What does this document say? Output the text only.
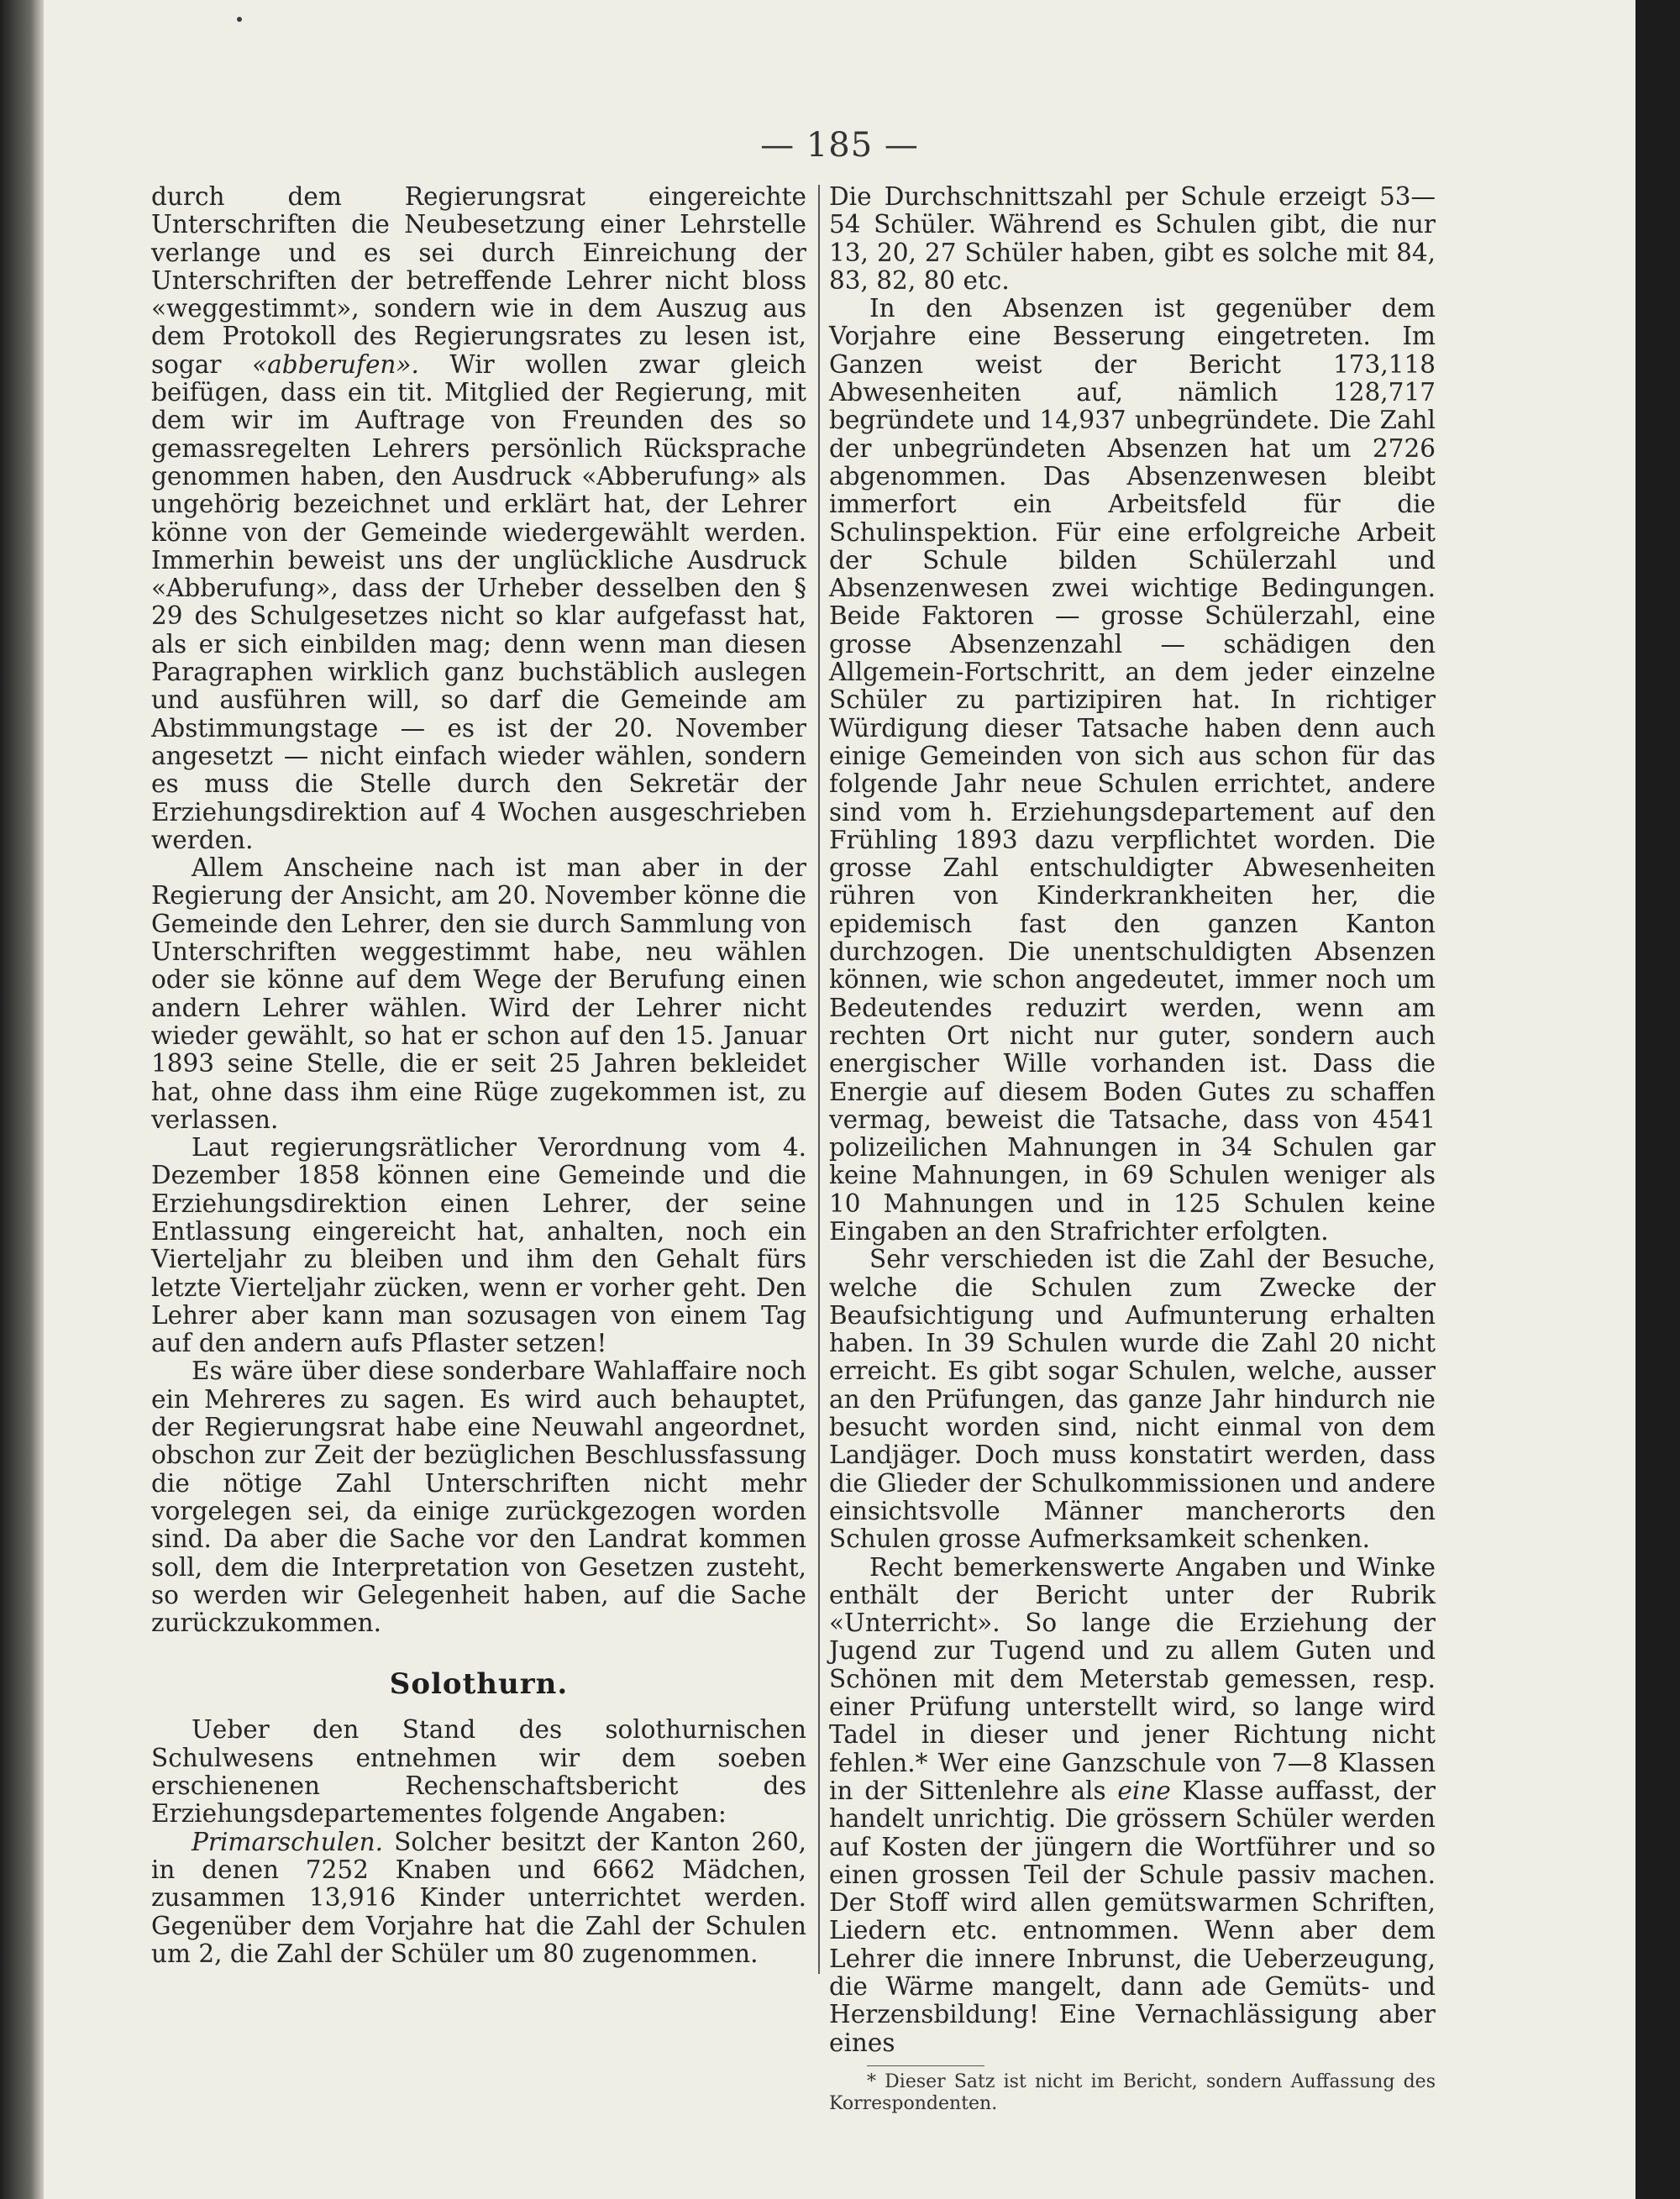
— 185 —

durch dem Regierungsrat eingereichte Unterschriften die Neubesetzung einer Lehrstelle verlange und es sei durch Einreichung der Unterschriften der betreffende Lehrer nicht bloss «weggestimmt», sondern wie in dem Auszug aus dem Protokoll des Regierungsrates zu lesen ist, sogar «abberufen». Wir wollen zwar gleich beifügen, dass ein tit. Mitglied der Regierung, mit dem wir im Auftrage von Freunden des so gemassregelten Lehrers persönlich Rücksprache genommen haben, den Ausdruck «Abberufung» als ungehörig bezeichnet und erklärt hat, der Lehrer könne von der Gemeinde wiedergewählt werden. Immerhin beweist uns der unglückliche Ausdruck «Abberufung», dass der Urheber desselben den § 29 des Schulgesetzes nicht so klar aufgefasst hat, als er sich einbilden mag; denn wenn man diesen Paragraphen wirklich ganz buchstäblich auslegen und ausführen will, so darf die Gemeinde am Abstimmungstage — es ist der 20. November angesetzt — nicht einfach wieder wählen, sondern es muss die Stelle durch den Sekretär der Erziehungsdirektion auf 4 Wochen ausgeschrieben werden.

Allem Anscheine nach ist man aber in der Regierung der Ansicht, am 20. November könne die Gemeinde den Lehrer, den sie durch Sammlung von Unterschriften weggestimmt habe, neu wählen oder sie könne auf dem Wege der Berufung einen andern Lehrer wählen. Wird der Lehrer nicht wieder gewählt, so hat er schon auf den 15. Januar 1893 seine Stelle, die er seit 25 Jahren bekleidet hat, ohne dass ihm eine Rüge zugekommen ist, zu verlassen.

Laut regierungsrätlicher Verordnung vom 4. Dezember 1858 können eine Gemeinde und die Erziehungsdirektion einen Lehrer, der seine Entlassung eingereicht hat, anhalten, noch ein Vierteljahr zu bleiben und ihm den Gehalt fürs letzte Vierteljahr zücken, wenn er vorher geht. Den Lehrer aber kann man sozusagen von einem Tag auf den andern aufs Pflaster setzen!

Es wäre über diese sonderbare Wahlaffaire noch ein Mehreres zu sagen. Es wird auch behauptet, der Regierungsrat habe eine Neuwahl angeordnet, obschon zur Zeit der bezüglichen Beschlussfassung die nötige Zahl Unterschriften nicht mehr vorgelegen sei, da einige zurückgezogen worden sind. Da aber die Sache vor den Landrat kommen soll, dem die Interpretation von Gesetzen zusteht, so werden wir Gelegenheit haben, auf die Sache zurückzukommen.

Solothurn.

Ueber den Stand des solothurnischen Schulwesens entnehmen wir dem soeben erschienenen Rechenschaftsbericht des Erziehungsdepartementes folgende Angaben:

Primarschulen. Solcher besitzt der Kanton 260, in denen 7252 Knaben und 6662 Mädchen, zusammen 13,916 Kinder unterrichtet werden. Gegenüber dem Vorjahre hat die Zahl der Schulen um 2, die Zahl der Schüler um 80 zugenommen.

Die Durchschnittszahl per Schule erzeigt 53—54 Schüler. Während es Schulen gibt, die nur 13, 20, 27 Schüler haben, gibt es solche mit 84, 83, 82, 80 etc.

In den Absenzen ist gegenüber dem Vorjahre eine Besserung eingetreten. Im Ganzen weist der Bericht 173,118 Abwesenheiten auf, nämlich 128,717 begründete und 14,937 unbegründete. Die Zahl der unbegründeten Absenzen hat um 2726 abgenommen. Das Absenzenwesen bleibt immerfort ein Arbeitsfeld für die Schulinspektion. Für eine erfolgreiche Arbeit der Schule bilden Schülerzahl und Absenzenwesen zwei wichtige Bedingungen. Beide Faktoren — grosse Schülerzahl, eine grosse Absenzenzahl — schädigen den Allgemein-Fortschritt, an dem jeder einzelne Schüler zu partizipiren hat. In richtiger Würdigung dieser Tatsache haben denn auch einige Gemeinden von sich aus schon für das folgende Jahr neue Schulen errichtet, andere sind vom h. Erziehungsdepartement auf den Frühling 1893 dazu verpflichtet worden. Die grosse Zahl entschuldigter Abwesenheiten rühren von Kinderkrankheiten her, die epidemisch fast den ganzen Kanton durchzogen. Die unentschuldigten Absenzen können, wie schon angedeutet, immer noch um Bedeutendes reduzirt werden, wenn am rechten Ort nicht nur guter, sondern auch energischer Wille vorhanden ist. Dass die Energie auf diesem Boden Gutes zu schaffen vermag, beweist die Tatsache, dass von 4541 polizeilichen Mahnungen in 34 Schulen gar keine Mahnungen, in 69 Schulen weniger als 10 Mahnungen und in 125 Schulen keine Eingaben an den Strafrichter erfolgten.

Sehr verschieden ist die Zahl der Besuche, welche die Schulen zum Zwecke der Beaufsichtigung und Aufmunterung erhalten haben. In 39 Schulen wurde die Zahl 20 nicht erreicht. Es gibt sogar Schulen, welche, ausser an den Prüfungen, das ganze Jahr hindurch nie besucht worden sind, nicht einmal von dem Landjäger. Doch muss konstatirt werden, dass die Glieder der Schulkommissionen und andere einsichtsvolle Männer mancherorts den Schulen grosse Aufmerksamkeit schenken.

Recht bemerkenswerte Angaben und Winke enthält der Bericht unter der Rubrik «Unterricht». So lange die Erziehung der Jugend zur Tugend und zu allem Guten und Schönen mit dem Meterstab gemessen, resp. einer Prüfung unterstellt wird, so lange wird Tadel in dieser und jener Richtung nicht fehlen.* Wer eine Ganzschule von 7—8 Klassen in der Sittenlehre als eine Klasse auffasst, der handelt unrichtig. Die grössern Schüler werden auf Kosten der jüngern die Wortführer und so einen grossen Teil der Schule passiv machen. Der Stoff wird allen gemütswarmen Schriften, Liedern etc. entnommen. Wenn aber dem Lehrer die innere Inbrunst, die Ueberzeugung, die Wärme mangelt, dann ade Gemüts- und Herzensbildung! Eine Vernachlässigung aber eines

* Dieser Satz ist nicht im Bericht, sondern Auffassung des Korrespondenten.
